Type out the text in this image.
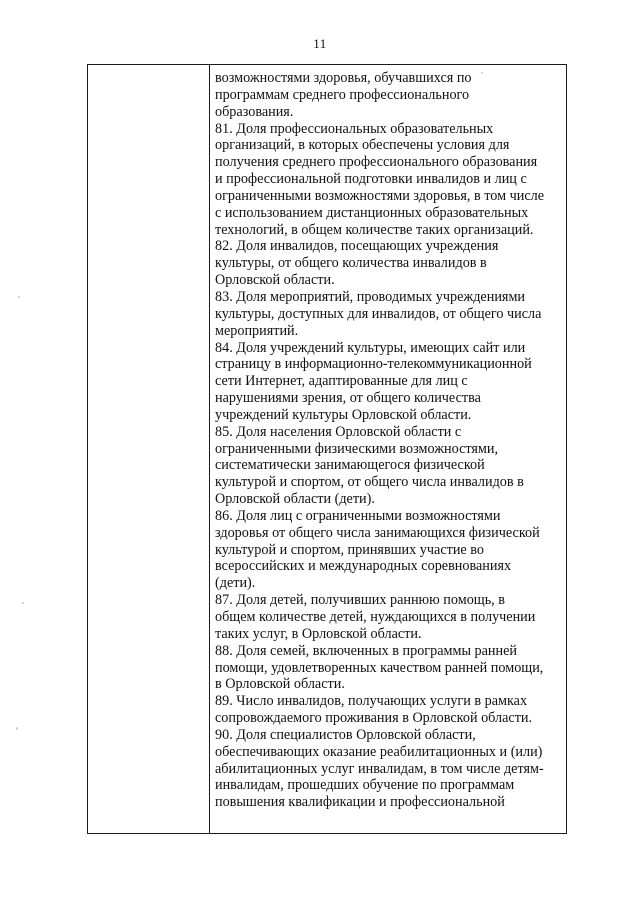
11
возможностями здоровья, обучавшихся по
программам среднего профессионального
образования.
81. Доля профессиональных образовательных
организаций, в которых обеспечены условия для
получения среднего профессионального образования
и профессиональной подготовки инвалидов и лиц с
ограниченными возможностями здоровья, в том числе
с использованием дистанционных образовательных
технологий, в общем количестве таких организаций.
82. Доля инвалидов, посещающих учреждения
культуры, от общего количества инвалидов в
Орловской области.
83. Доля мероприятий, проводимых учреждениями
культуры, доступных для инвалидов, от общего числа
мероприятий.
84. Доля учреждений культуры, имеющих сайт или
страницу в информационно-телекоммуникационной
сети Интернет, адаптированные для лиц с
нарушениями зрения, от общего количества
учреждений культуры Орловской области.
85. Доля населения Орловской области с
ограниченными физическими возможностями,
систематически занимающегося физической
культурой и спортом, от общего числа инвалидов в
Орловской области (дети).
86. Доля лиц с ограниченными возможностями
здоровья от общего числа занимающихся физической
культурой и спортом, принявших участие во
всероссийских и международных соревнованиях
(дети).
87. Доля детей, получивших раннюю помощь, в
общем количестве детей, нуждающихся в получении
таких услуг, в Орловской области.
88. Доля семей, включенных в программы ранней
помощи, удовлетворенных качеством ранней помощи,
в Орловской области.
89. Число инвалидов, получающих услуги в рамках
сопровождаемого проживания в Орловской области.
90. Доля специалистов Орловской области,
обеспечивающих оказание реабилитационных и (или)
абилитационных услуг инвалидам, в том числе детям-
инвалидам, прошедших обучение по программам
повышения квалификации и профессиональной
